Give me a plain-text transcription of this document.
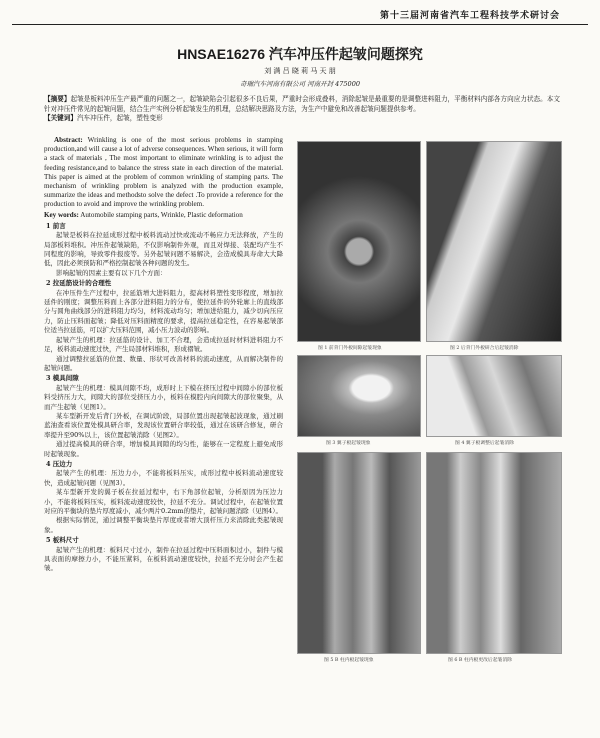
第十三届河南省汽车工程科技学术研讨会
HNSAE16276 汽车冲压件起皱问题探究
刘 满 吕 晓 莉 马 天 朋
奇瑞汽车河南有限公司 河南开封 475000
【摘要】起皱是板料冲压生产最严重的问题之一，起皱缺陷会引起很多不良后果，严重时会形成叠料，消除起皱是最重要的是调整进料阻力，平衡材料内部各方向应力状态。本文针对冲压件常见的起皱问题，结合生产实例分析起皱发生的机理，总结解决思路及方法，为生产中避免和改善起皱问题提供参考。
【关键词】汽车冲压件，起皱，塑性变形

Abstract: Wrinkling is one of the most serious problems in stamping production,and will cause a lot of adverse consequences. When serious, it will form a stack of materials , The most important to eliminate wrinkling is to adjust the feeding resistance,and to balance the stress state in each direction of the material. This paper is aimed at the problem of common wrinkling of stamping parts. The mechanism of wrinkling problem is analyzed with the production example, summarize the ideas and methodsto solve the defect .To provide a reference for the production to avoid and improve the wrinkling problem.

Key words: Automobile stamping parts, Wrinkle, Plastic deformation

1 前言

起皱是板料在拉延成形过程中板料流动过快或流动不畅应力无法释放，产生的局部板料堆积。冲压件起皱缺陷，不仅影响制件外观，而且对焊接、装配均产生不同程度的影响，导致零件报废等。另外起皱问题不易解决，会造成模具寿命大大降低，因此必须预防和严格控制起皱各种问题的发生。

影响起皱的因素主要有以下几个方面：

2 拉延筋设计的合理性

在冲压件生产过程中，拉延筋增大进料阻力，提高材料塑性变形程度，增加拉延件的刚度；调整压料面上各部分进料阻力的分布，使拉延件的外轮廓上的直线部分与圆角曲线部分的进料阻力均匀，材料流动均匀；增加进给阻力，减少切向压应力，防止压料面起皱；降低对压料面精度的要求，提高拉延稳定性，在容易起皱部位适当拉延筋，可以扩大压料范围，减小压力波动的影响。

起皱产生的机理：拉延筋的设计、加工不合理，会造成拉延时材料进料阻力不足，板料流动速度过快，产生局部材料堆积，形成褶皱。

通过调整拉延筋的位置、数量、形状可改善材料的流动速度，从而解决制件的起皱问题。

3 模具间隙

起皱产生的机理：模具间隙不均，成形时上下模在挤压过程中间隙小的部位板料受挤压力大，间隙大的部位受挤压力小，板料在模腔内向间隙大的部位聚集，从而产生起皱（见图1）。

某车型新开发后背门外板，在调试阶段，局部位置出现起皱起波现象，通过刷蓝油查看该位置处模具研合率，发现该位置研合率较低，通过在该研合修复，研合率提升至90%以上，该位置起皱消除（见图2）。

通过提高模具的研合率，增加模具间隙的均匀性，能够在一定程度上避免成形时起皱现象。

4 压边力

起皱产生的机理：压边力小，不能将板料压实，成形过程中板料流动速度较快，造成起皱问题（见图3）。

某车型新开发的翼子板在拉延过程中，右下角部位起皱，分析原因为压边力小，不能将板料压实，板料流动速度较快，拉延不充分。调试过程中，在起皱位置对应的平衡块的垫片厚度减小，减少两片0.2mm的垫片，起皱问题消除（见图4）。

根据实际情况，通过调整平衡块垫片厚度或者增大顶杆压力来消除此类起皱现象。

5 板料尺寸

起皱产生的机理：板料尺寸过小，制件在拉延过程中压料面积过小，制件与模具表面的摩擦力小，不能压紧料，在板料流动速度较快，拉延不充分时会产生起皱。

图 1 前背门外板间隙起皱现象	图 2 后背门外板研合后起皱消除
图 3 翼子板起皱现象	图 4 翼子板调整后起皱消除
图 5 B 柱内板起皱现象	图 6 B 柱内板更改后起皱消除
